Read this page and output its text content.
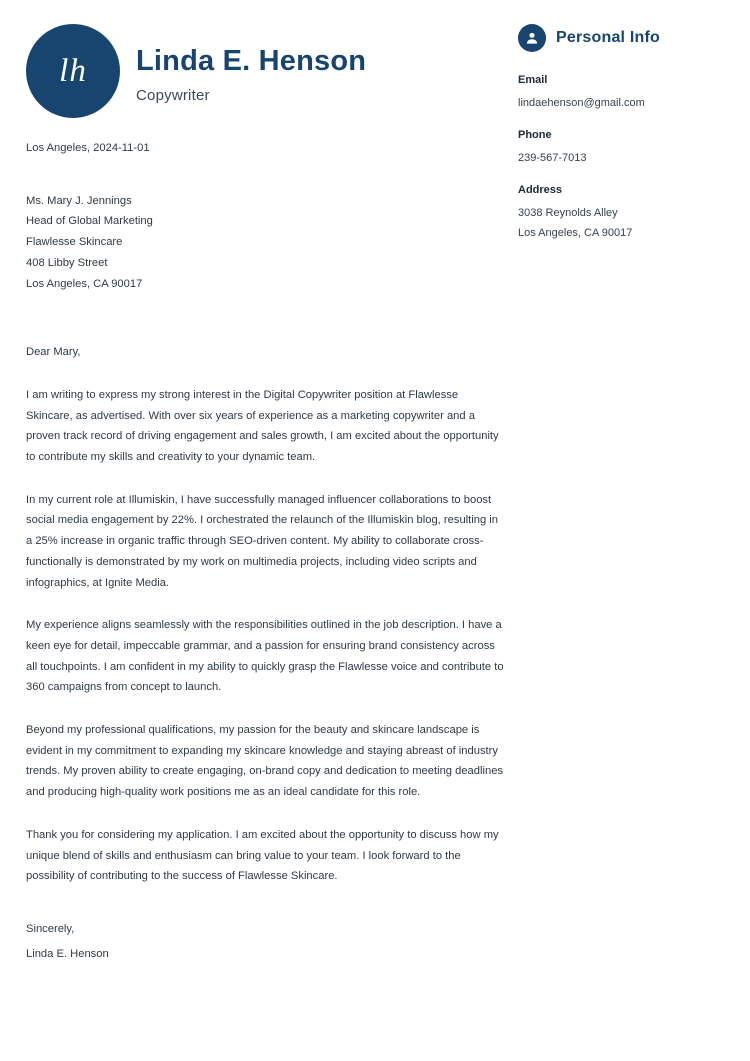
lh Linda E. Henson
Copywriter
Los Angeles, 2024-11-01
Ms. Mary J. Jennings
Head of Global Marketing
Flawlesse Skincare
408 Libby Street
Los Angeles, CA 90017
Dear Mary,

I am writing to express my strong interest in the Digital Copywriter position at Flawlesse Skincare, as advertised. With over six years of experience as a marketing copywriter and a proven track record of driving engagement and sales growth, I am excited about the opportunity to contribute my skills and creativity to your dynamic team.

In my current role at Illumiskin, I have successfully managed influencer collaborations to boost social media engagement by 22%. I orchestrated the relaunch of the Illumiskin blog, resulting in a 25% increase in organic traffic through SEO-driven content. My ability to collaborate cross-functionally is demonstrated by my work on multimedia projects, including video scripts and infographics, at Ignite Media.

My experience aligns seamlessly with the responsibilities outlined in the job description. I have a keen eye for detail, impeccable grammar, and a passion for ensuring brand consistency across all touchpoints. I am confident in my ability to quickly grasp the Flawlesse voice and contribute to 360 campaigns from concept to launch.

Beyond my professional qualifications, my passion for the beauty and skincare landscape is evident in my commitment to expanding my skincare knowledge and staying abreast of industry trends. My proven ability to create engaging, on-brand copy and dedication to meeting deadlines and producing high-quality work positions me as an ideal candidate for this role.

Thank you for considering my application. I am excited about the opportunity to discuss how my unique blend of skills and enthusiasm can bring value to your team. I look forward to the possibility of contributing to the success of Flawlesse Skincare.

Sincerely,
Linda E. Henson
Personal Info
Email
lindaehenson@gmail.com
Phone
239-567-7013
Address
3038 Reynolds Alley
Los Angeles, CA 90017
